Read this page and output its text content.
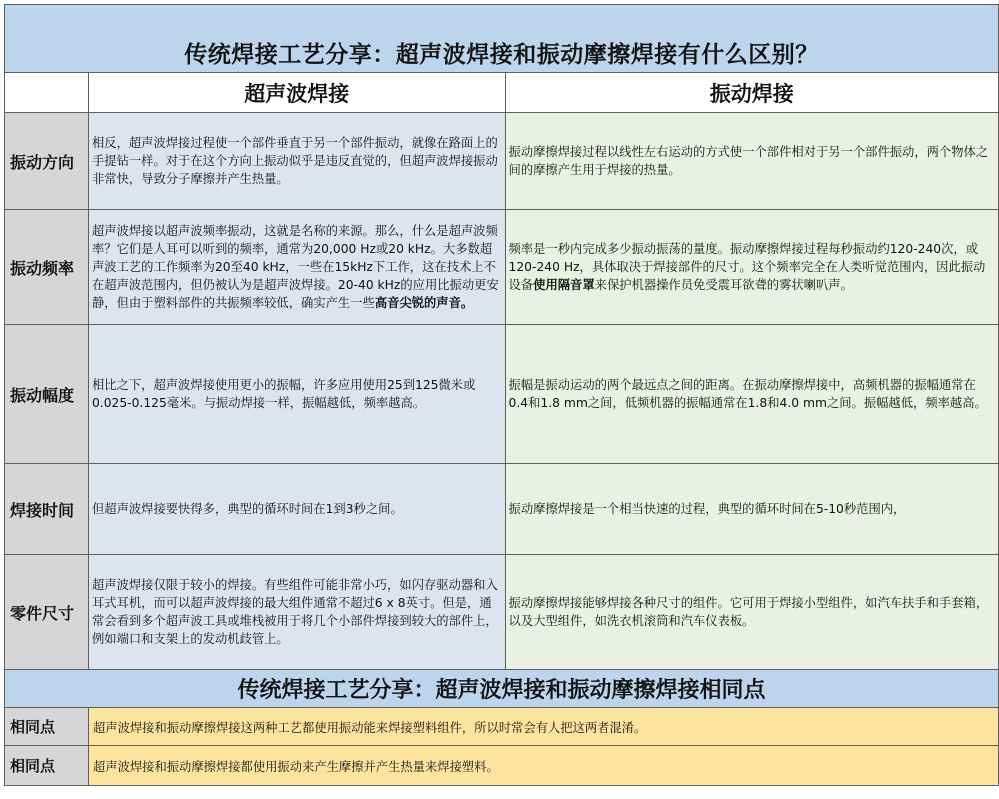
传统焊接工艺分享：超声波焊接和振动摩擦焊接有什么区别？		
	超声波焊接	振动焊接
振动方向	相反，超声波焊接过程使一个部件垂直于另一个部件振动，就像在路面上的手提钻一样。对于在这个方向上振动似乎是违反直觉的，但超声波焊接振动非常快，导致分子摩擦并产生热量。	振动摩擦焊接过程以线性左右运动的方式使一个部件相对于另一个部件振动，两个物体之间的摩擦产生用于焊接的热量。
振动频率	超声波焊接以超声波频率振动，这就是名称的来源。那么，什么是超声波频率？它们是人耳可以听到的频率，通常为20,000 Hz或20 kHz。大多数超声波工艺的工作频率为20至40 kHz，一些在15kHz下工作，这在技术上不在超声波范围内，但仍被认为是超声波焊接。20-40 kHz的应用比振动更安静，但由于塑料部件的共振频率较低，确实产生一些高音尖锐的声音。	频率是一秒内完成多少振动振荡的量度。振动摩擦焊接过程每秒振动约120-240次，或120-240 Hz，具体取决于焊接部件的尺寸。这个频率完全在人类听觉范围内，因此振动设备使用隔音罩来保护机器操作员免受震耳欲聋的雾状喇叭声。
振动幅度	相比之下，超声波焊接使用更小的振幅，许多应用使用25到125微米或0.025-0.125毫米。与振动焊接一样，振幅越低，频率越高。	振幅是振动运动的两个最远点之间的距离。在振动摩擦焊接中，高频机器的振幅通常在0.4和1.8 mm之间，低频机器的振幅通常在1.8和4.0 mm之间。振幅越低，频率越高。
焊接时间	但超声波焊接要快得多，典型的循环时间在1到3秒之间。	振动摩擦焊接是一个相当快速的过程，典型的循环时间在5-10秒范围内，
零件尺寸	超声波焊接仅限于较小的焊接。有些组件可能非常小巧，如闪存驱动器和入耳式耳机，而可以超声波焊接的最大组件通常不超过6 x 8英寸。但是，通常会看到多个超声波工具或堆栈被用于将几个小部件焊接到较大的部件上，例如端口和支架上的发动机歧管上。	振动摩擦焊接能够焊接各种尺寸的组件。它可用于焊接小型组件，如汽车扶手和手套箱，以及大型组件，如洗衣机滚筒和汽车仪表板。
传统焊接工艺分享：超声波焊接和振动摩擦焊接相同点		
相同点	超声波焊接和振动摩擦焊接这两种工艺都使用振动能来焊接塑料组件，所以时常会有人把这两者混淆。	
相同点	超声波焊接和振动摩擦焊接都使用振动来产生摩擦并产生热量来焊接塑料。	
